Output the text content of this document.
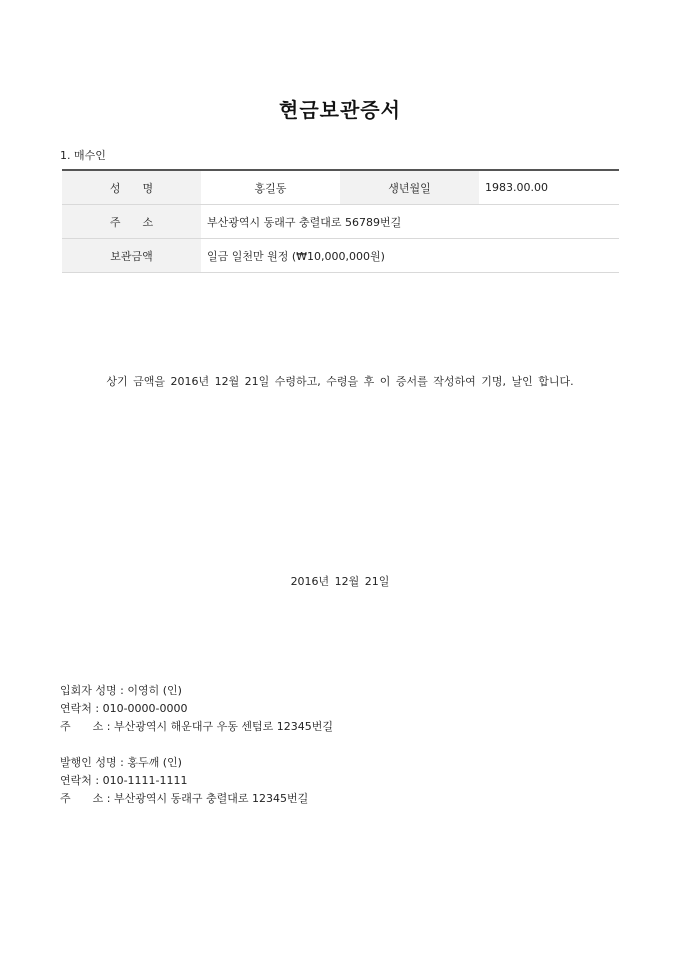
현금보관증서
1. 매수인
성　　명	홍길동	생년월일	1983.00.00
주　　소	부산광역시 동래구 충렬대로 56789번길		
보관금액	일금 일천만 원정 (₩10,000,000원)		
상기 금액을 2016년 12월 21일 수령하고, 수령을 후 이 증서를 작성하여 기명, 날인 합니다.
2016년 12월 21일
입회자 성명 : 이영히 (인)
연락처 : 010-0000-0000
주　　소 : 부산광역시 해운대구 우동 센텀로 12345번길
발행인 성명 : 홍두깨 (인)
연락처 : 010-1111-1111
주　　소 : 부산광역시 동래구 충렬대로 12345번길
